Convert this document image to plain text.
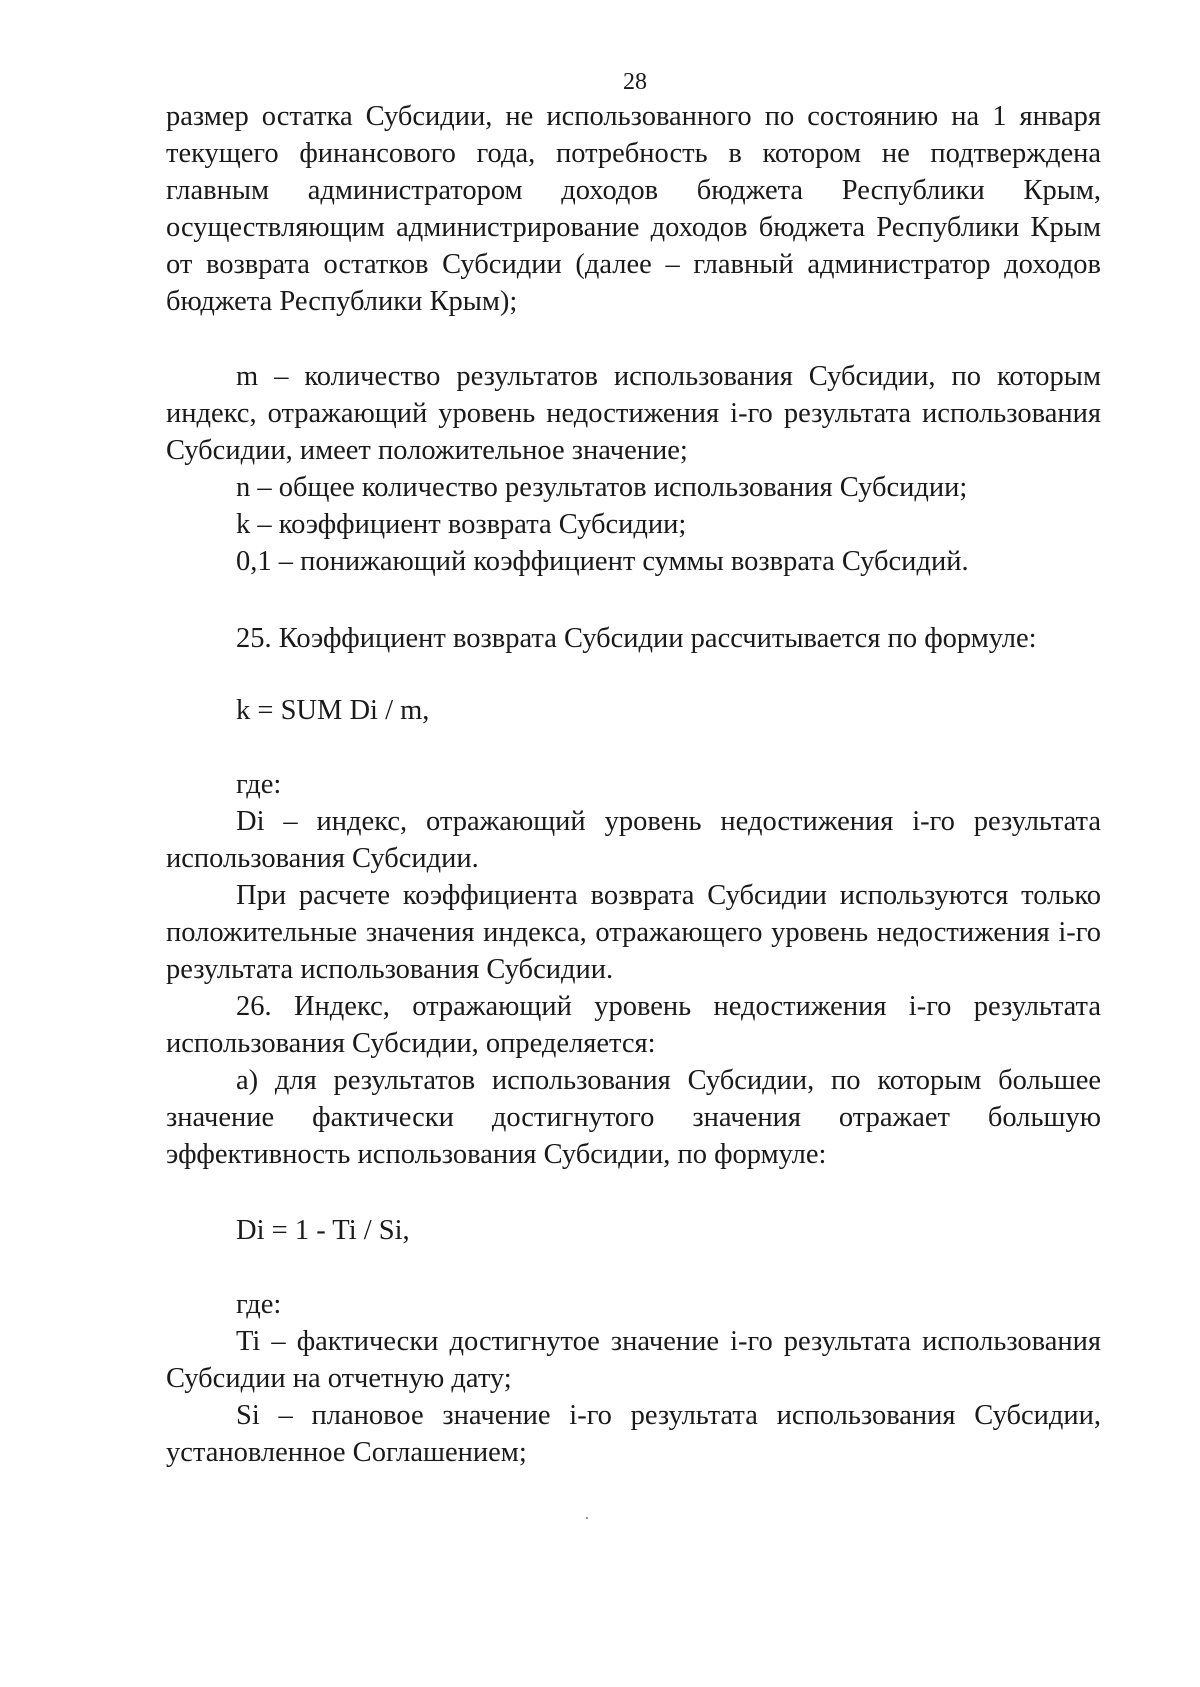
28

размер остатка Субсидии, не использованного по состоянию на 1 января текущего финансового года, потребность в котором не подтверждена главным администратором доходов бюджета Республики Крым, осуществляющим администрирование доходов бюджета Республики Крым от возврата остатков Субсидии (далее – главный администратор доходов бюджета Республики Крым);

m – количество результатов использования Субсидии, по которым индекс, отражающий уровень недостижения i-го результата использования Субсидии, имеет положительное значение;

n – общее количество результатов использования Субсидии;

k – коэффициент возврата Субсидии;

0,1 – понижающий коэффициент суммы возврата Субсидий.

25. Коэффициент возврата Субсидии рассчитывается по формуле:

k = SUM Di / m,

где:

Di – индекс, отражающий уровень недостижения i-го результата использования Субсидии.

При расчете коэффициента возврата Субсидии используются только положительные значения индекса, отражающего уровень недостижения i-го результата использования Субсидии.

26. Индекс, отражающий уровень недостижения i-го результата использования Субсидии, определяется:

а) для результатов использования Субсидии, по которым большее значение фактически достигнутого значения отражает большую эффективность использования Субсидии, по формуле:

Di = 1 - Ti / Si,

где:

Ti – фактически достигнутое значение i-го результата использования Субсидии на отчетную дату;

Si – плановое значение i-го результата использования Субсидии, установленное Соглашением;
